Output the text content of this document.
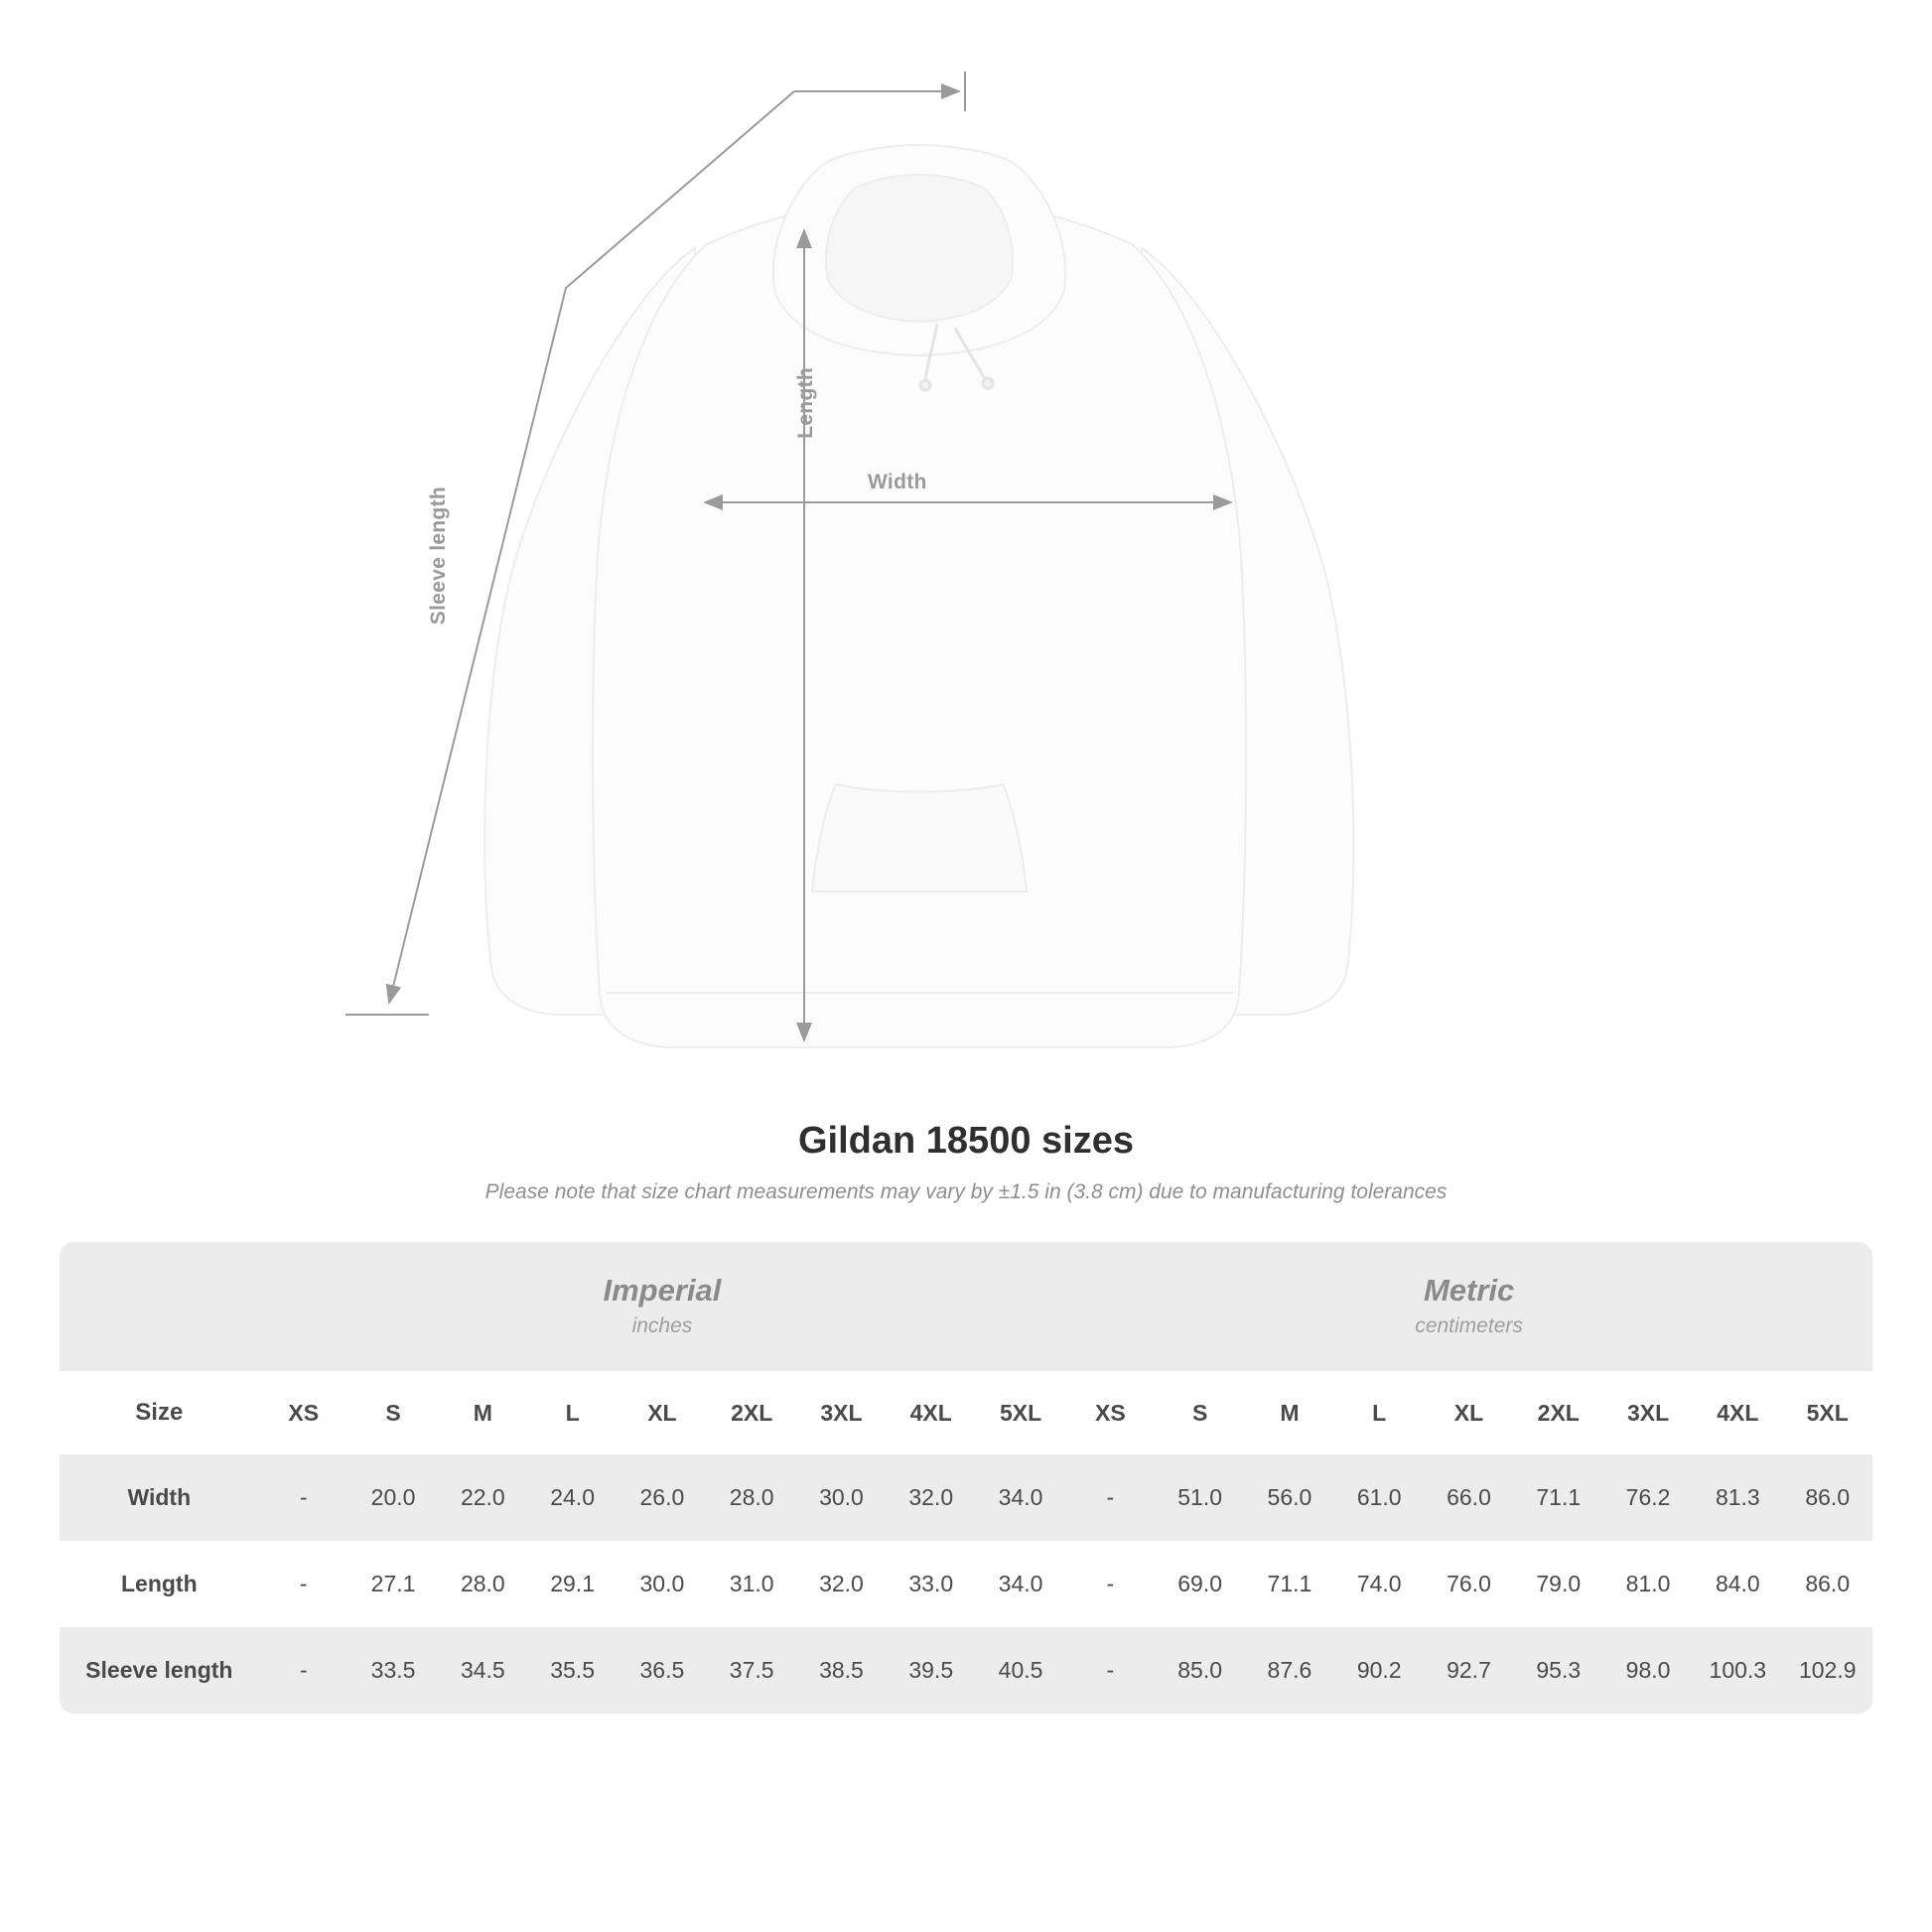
Length
Width
Sleeve length
Gildan 18500 sizes

Please note that size chart measurements may vary by ±1.5 in (3.8 cm) due to manufacturing tolerances

	Imperial
inches									Metric
centimeters								

Size	XS	S	M	L	XL	2XL	3XL	4XL	5XL	XS	S	M	L	XL	2XL	3XL	4XL	5XL
Width	-	20.0	22.0	24.0	26.0	28.0	30.0	32.0	34.0	-	51.0	56.0	61.0	66.0	71.1	76.2	81.3	86.0
Length	-	27.1	28.0	29.1	30.0	31.0	32.0	33.0	34.0	-	69.0	71.1	74.0	76.0	79.0	81.0	84.0	86.0
Sleeve length	-	33.5	34.5	35.5	36.5	37.5	38.5	39.5	40.5	-	85.0	87.6	90.2	92.7	95.3	98.0	100.3	102.9
